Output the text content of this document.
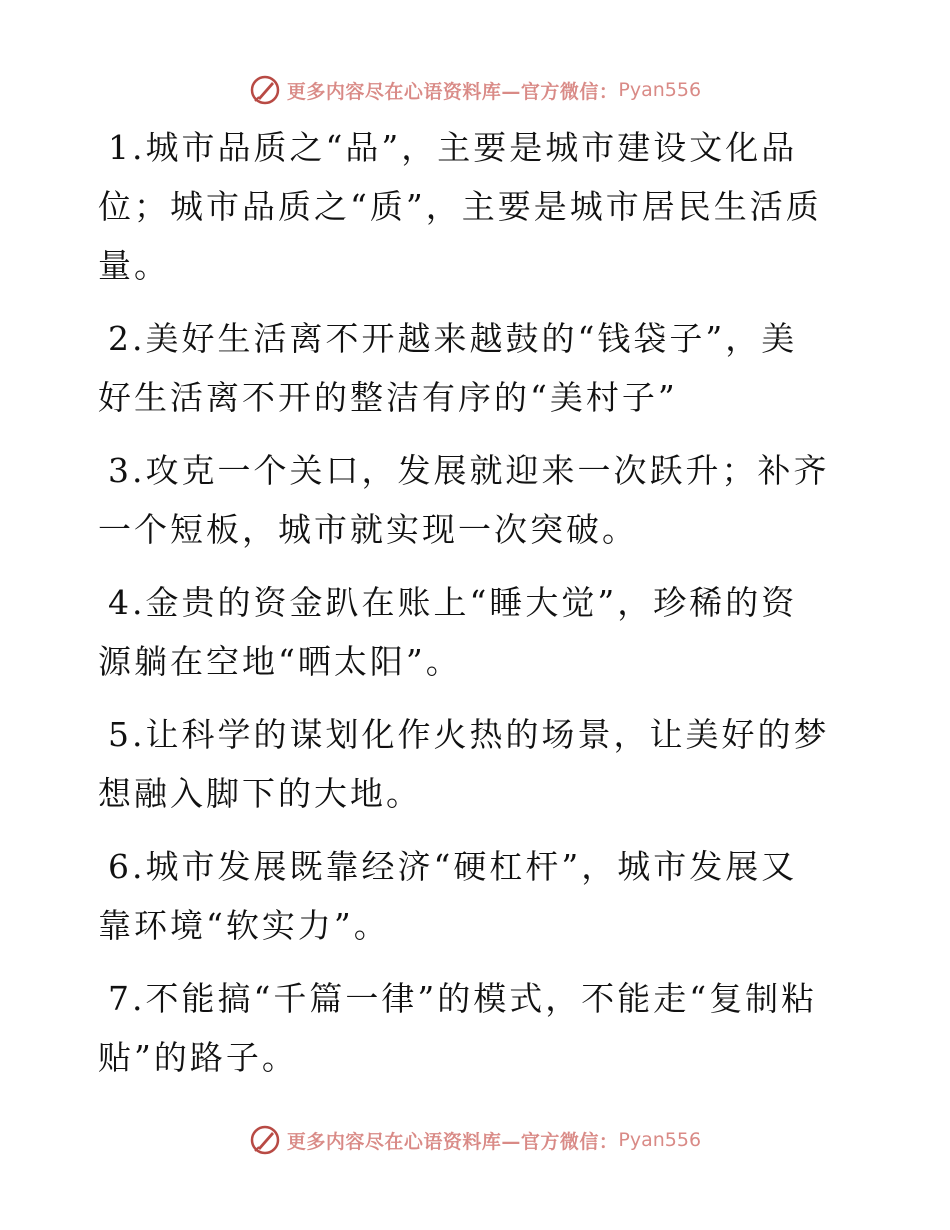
更多内容尽在心语资料库—官方微信： Pyan556

1.城市品质之“品”，主要是城市建设文化品位；城市品质之“质”，主要是城市居民生活质量。

2.美好生活离不开越来越鼓的“钱袋子”，美好生活离不开的整洁有序的“美村子”

3.攻克一个关口，发展就迎来一次跃升；补齐一个短板，城市就实现一次突破。

4.金贵的资金趴在账上“睡大觉”，珍稀的资源躺在空地“晒太阳”。

5.让科学的谋划化作火热的场景，让美好的梦想融入脚下的大地。

6.城市发展既靠经济“硬杠杆”，城市发展又靠环境“软实力”。

7.不能搞“千篇一律”的模式，不能走“复制粘贴”的路子。

更多内容尽在心语资料库—官方微信： Pyan556
